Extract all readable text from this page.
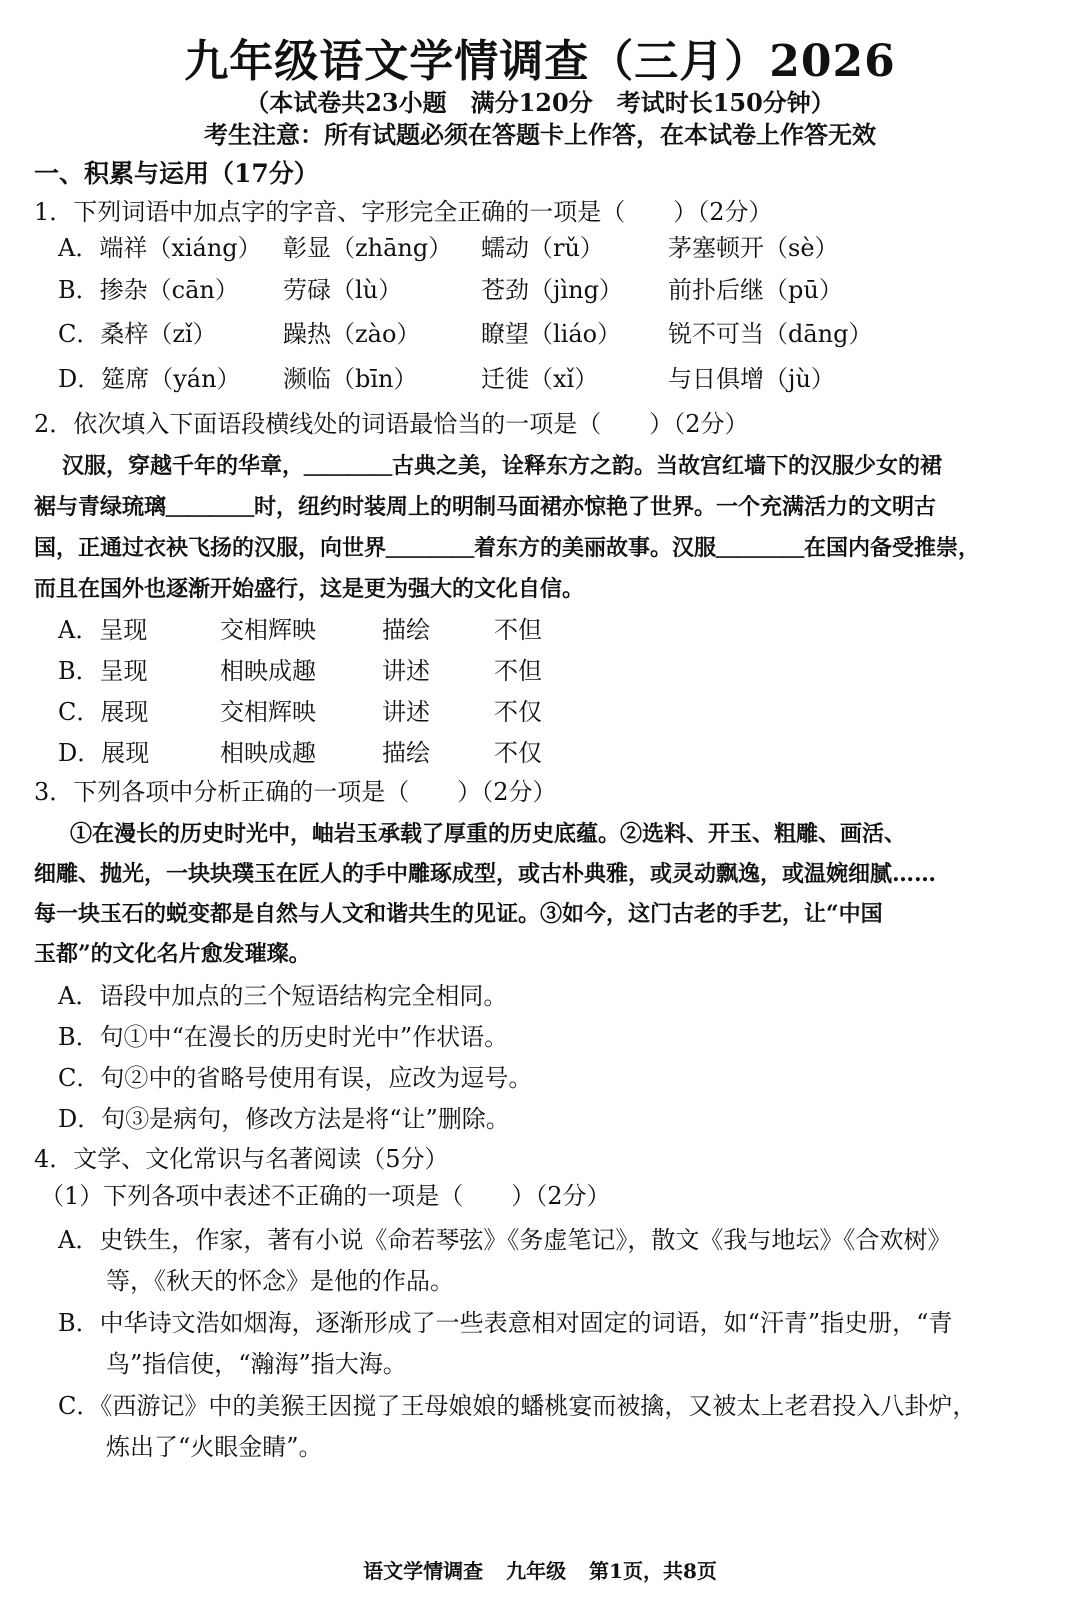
九年级语文学情调查（三月）2026
（本试卷共23小题　满分120分　考试时长150分钟）
考生注意：所有试题必须在答题卡上作答，在本试卷上作答无效
一、积累与运用（17分）
1．下列词语中加点字的字音、字形完全正确的一项是（　　）（2分）
A．端祥（xiáng） 彰显（zhāng） 蠕动（rǔ）	茅塞顿开（sè）
B．掺杂（cān） 劳碌（lù）	苍劲（jìng） 前扑后继（pū）
C．桑梓（zǐ）	躁热（zào）	瞭望（liáo） 锐不可当（dāng）
D．筵席（yán） 濒临（bīn）	迁徙（xǐ）	与日俱增（jù）
2．依次填入下面语段横线处的词语最恰当的一项是（　　）（2分）
汉服，穿越千年的华章，＿＿＿＿古典之美，诠释东方之韵。当故宫红墙下的汉服少女的裙
裾与青绿琉璃＿＿＿＿时，纽约时装周上的明制马面裙亦惊艳了世界。一个充满活力的文明古
国，正通过衣袂飞扬的汉服，向世界＿＿＿＿着东方的美丽故事。汉服＿＿＿＿在国内备受推崇，
而且在国外也逐渐开始盛行，这是更为强大的文化自信。
A．呈现	交相辉映	描绘	不但
B．呈现	相映成趣	讲述	不但
C．展现	交相辉映	讲述	不仅
D．展现	相映成趣	描绘	不仅
3．下列各项中分析正确的一项是（　　）（2分）
①在漫长的历史时光中，岫岩玉承载了厚重的历史底蕴。②选料、开玉、粗雕、画活、
细雕、抛光，一块块璞玉在匠人的手中雕琢成型，或古朴典雅，或灵动飘逸，或温婉细腻……
每一块玉石的蜕变都是自然与人文和谐共生的见证。③如今，这门古老的手艺，让“中国
玉都”的文化名片愈发璀璨。
A．语段中加点的三个短语结构完全相同。
B．句①中“在漫长的历史时光中”作状语。
C．句②中的省略号使用有误，应改为逗号。
D．句③是病句，修改方法是将“让”删除。
4．文学、文化常识与名著阅读（5分）
（1）下列各项中表述不正确的一项是（　　）（2分）
A．史铁生，作家，著有小说《命若琴弦》《务虚笔记》，散文《我与地坛》《合欢树》
　　等，《秋天的怀念》是他的作品。
B．中华诗文浩如烟海，逐渐形成了一些表意相对固定的词语，如“汗青”指史册，“青
　　鸟”指信使，“瀚海”指大海。
C．《西游记》中的美猴王因搅了王母娘娘的蟠桃宴而被擒，又被太上老君投入八卦炉，
　　炼出了“火眼金睛”。
语文学情调查 九年级 第1页，共8页
